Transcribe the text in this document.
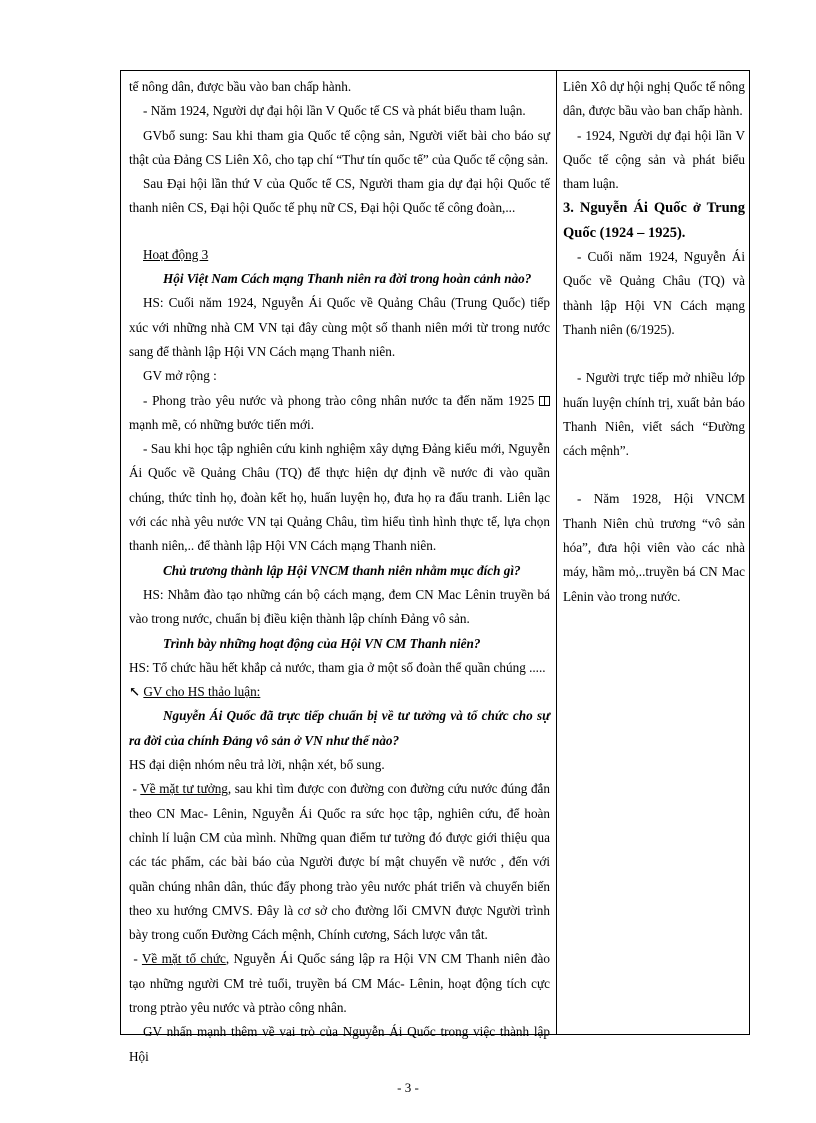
tế nông dân, được bầu vào ban chấp hành.

- Năm 1924, Người dự đại hội lần V Quốc tế CS và phát biểu tham luận.

GVbổ sung: Sau khi tham gia Quốc tế cộng sản, Người viết bài cho báo sự thật của Đảng CS Liên Xô, cho tạp chí “Thư tín quốc tế” của Quốc tế cộng sản.

Sau Đại hội lần thứ V của Quốc tế CS, Người tham gia dự đại hội Quốc tế thanh niên CS, Đại hội Quốc tế phụ nữ CS, Đại hội Quốc tế công đoàn,...

Hoạt động 3

Hội Việt Nam Cách mạng Thanh niên ra đời trong hoàn cảnh nào?

HS: Cuối năm 1924, Nguyễn Ái Quốc về Quảng Châu (Trung Quốc) tiếp xúc với những nhà CM VN tại đây cùng một số thanh niên mới từ trong nước sang để thành lập Hội VN Cách mạng Thanh niên.

GV mở rộng :

- Phong trào yêu nước và phong trào công nhân nước ta đến năm 1925  mạnh mẽ, có những bước tiến mới.

- Sau khi học tập nghiên cứu kinh nghiệm xây dựng Đảng kiểu mới, Nguyễn Ái Quốc về Quảng Châu (TQ) để thực hiện dự định về nước đi vào quần chúng, thức tỉnh họ, đoàn kết họ, huấn luyện họ, đưa họ ra đấu tranh. Liên lạc với các nhà yêu nước VN tại Quảng Châu, tìm hiểu tình hình thực tế, lựa chọn thanh niên,.. để thành lập Hội VN Cách mạng Thanh niên.

Chủ trương thành lập Hội VNCM thanh niên nhằm mục đích gì?

HS: Nhằm đào tạo những cán bộ cách mạng, đem CN Mac Lênin truyền bá vào trong nước, chuẩn bị điều kiện thành lập chính Đảng vô sản.

Trình bày những hoạt động của Hội VN CM Thanh niên?

HS: Tổ chức hầu hết khắp cả nước, tham gia ở một số đoàn thể quần chúng .....

↖ GV cho HS thảo luận:

Nguyễn Ái Quốc đã trực tiếp chuẩn bị về tư tưởng và tổ chức cho sự ra đời của chính Đảng vô sản ở VN như thế nào?

HS đại diện nhóm nêu trả lời, nhận xét, bổ sung.

- Về mặt tư tưởng, sau khi tìm được con đường con đường cứu nước đúng đắn theo CN Mac- Lênin, Nguyễn Ái Quốc ra sức học tập, nghiên cứu, để hoàn chỉnh lí luận CM của mình. Những quan điểm tư tưởng đó được giới thiệu qua các tác phẩm, các bài báo của Người được bí mật chuyển về nước , đến với quần chúng nhân dân, thúc đẩy phong trào yêu nước phát triển và chuyển biến theo xu hướng CMVS. Đây là cơ sở cho đường lối CMVN được Người trình bày trong cuốn Đường Cách mệnh, Chính cương, Sách lược vắn tắt.

- Về mặt tổ chức, Nguyễn Ái Quốc sáng lập ra Hội VN CM Thanh niên đào tạo những người CM trẻ tuổi, truyền bá CM Mác- Lênin, hoạt động tích cực trong ptrào yêu nước và ptrào công nhân.

GV nhấn mạnh thêm về vai trò của Nguyễn Ái Quốc trong việc thành lập Hội

Liên Xô dự hội nghị Quốc tế nông dân, được bầu vào ban chấp hành.

- 1924, Người dự đại hội lần V Quốc tế cộng sản và phát biểu tham luận.

3. Nguyễn Ái Quốc ở Trung Quốc (1924 – 1925).

- Cuối năm 1924, Nguyễn Ái Quốc về Quảng Châu (TQ) và thành lập Hội VN Cách mạng Thanh niên (6/1925).

- Người trực tiếp mở nhiều lớp huấn luyện chính trị, xuất bản báo Thanh Niên, viết sách “Đường cách mệnh”.

- Năm 1928, Hội VNCM Thanh Niên chủ trương “vô sản hóa”, đưa hội viên vào các nhà máy, hầm mỏ,..truyền bá CN Mac Lênin vào trong nước.

- 3 -
